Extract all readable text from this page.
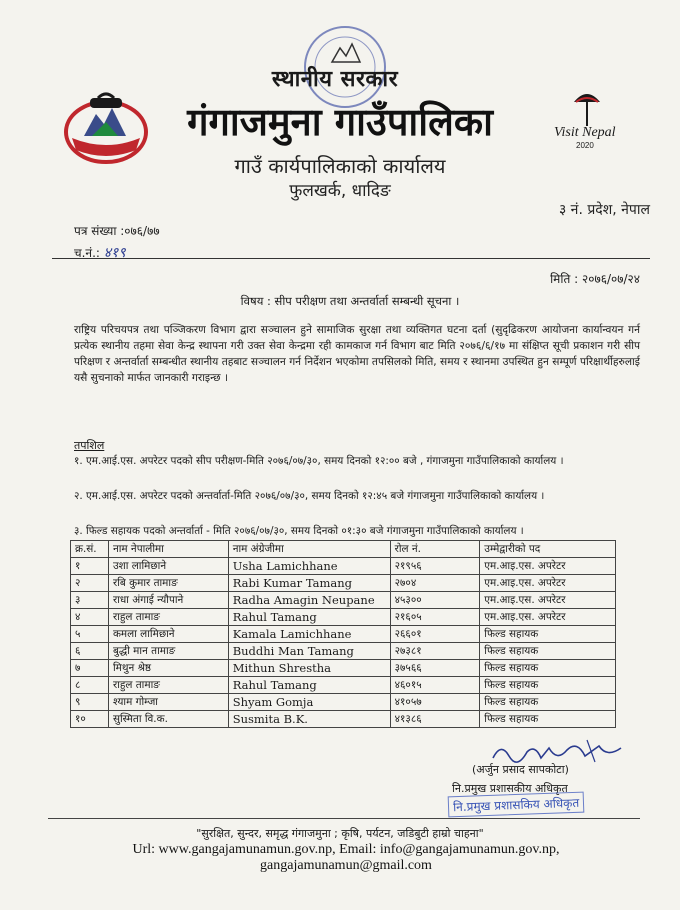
स्थानीय सरकार
गंगाजमुना गाउँपालिका
गाउँ कार्यपालिकाको कार्यालय
फुलखर्क, धादिङ
Visit Nepal
2020
३ नं. प्रदेश, नेपाल
पत्र संख्या :०७६/७७
च.नं.: ४१९
मिति : २०७६/०७/२४
विषय : सीप परीक्षण तथा अन्तर्वार्ता सम्बन्धी सूचना ।
राष्ट्रिय परिचयपत्र तथा पञ्जिकरण विभाग द्वारा सञ्चालन हुने सामाजिक सुरक्षा तथा व्यक्तिगत घटना दर्ता (सुदृढिकरण आयोजना कार्यान्वयन गर्न प्रत्येक स्थानीय तहमा सेवा केन्द्र स्थापना गरी उक्त सेवा केन्द्रमा रही कामकाज गर्न विभाग बाट मिति २०७६/६/१७ मा संक्षिप्त सूची प्रकाशन गरी सीप परिक्षण र अन्तर्वार्ता सम्बन्धीत स्थानीय तहबाट सञ्चालन गर्न निर्देशन भएकोमा तपसिलको मिति, समय र स्थानमा उपस्थित हुन सम्पूर्ण परिक्षार्थीहरुलाई यसै सुचनाको मार्फत जानकारी गराइन्छ ।
तपशिल
१. एम.आई.एस. अपरेटर पदको सीप परीक्षण-मिति २०७६/०७/३०, समय दिनको १२:०० बजे , गंगाजमुना गाउँपालिकाको कार्यालय ।
२. एम.आई.एस. अपरेटर पदको अन्तर्वार्ता-मिति २०७६/०७/३०, समय दिनको १२:४५ बजे गंगाजमुना गाउँपालिकाको कार्यालय ।
३. फिल्ड सहायक पदको अन्तर्वार्ता - मिति २०७६/०७/३०, समय दिनको ०१:३० बजे गंगाजमुना गाउँपालिकाको कार्यालय ।
क्र.सं.	नाम नेपालीमा	नाम अंग्रेजीमा	रोल नं.	उम्मेद्वारीको पद
१	उशा लामिछाने	Usha Lamichhane	२१९५६	एम.आइ.एस. अपरेटर
२	रबि कुमार तामाङ	Rabi Kumar Tamang	२७०४	एम.आइ.एस. अपरेटर
३	राधा अंगाई न्यौपाने	Radha Amagin Neupane	४५३००	एम.आइ.एस. अपरेटर
४	राहुल तामाङ	Rahul Tamang	२१६०५	एम.आइ.एस. अपरेटर
५	कमला लामिछाने	Kamala Lamichhane	२६६०१	फिल्ड सहायक
६	बुद्धी मान तामाङ	Buddhi Man Tamang	२७३८१	फिल्ड सहायक
७	मिथुन श्रेष्ठ	Mithun Shrestha	३७५६६	फिल्ड सहायक
८	राहुल तामाङ	Rahul Tamang	४६०१५	फिल्ड सहायक
९	श्याम गोम्जा	Shyam Gomja	४१०५७	फिल्ड सहायक
१०	सुस्मिता वि.क.	Susmita B.K.	४१३८६	फिल्ड सहायक
(अर्जुन प्रसाद सापकोटा)
नि.प्रमुख प्रशासकीय अधिकृत
नि.प्रमुख प्रशासकिय अधिकृत
"सुरक्षित, सुन्दर, समृद्ध गंगाजमुना ; कृषि, पर्यटन, जडिबुटी हाम्रो चाहना"
Url: www.gangajamunamun.gov.np, Email: info@gangajamunamun.gov.np, gangajamunamun@gmail.com
